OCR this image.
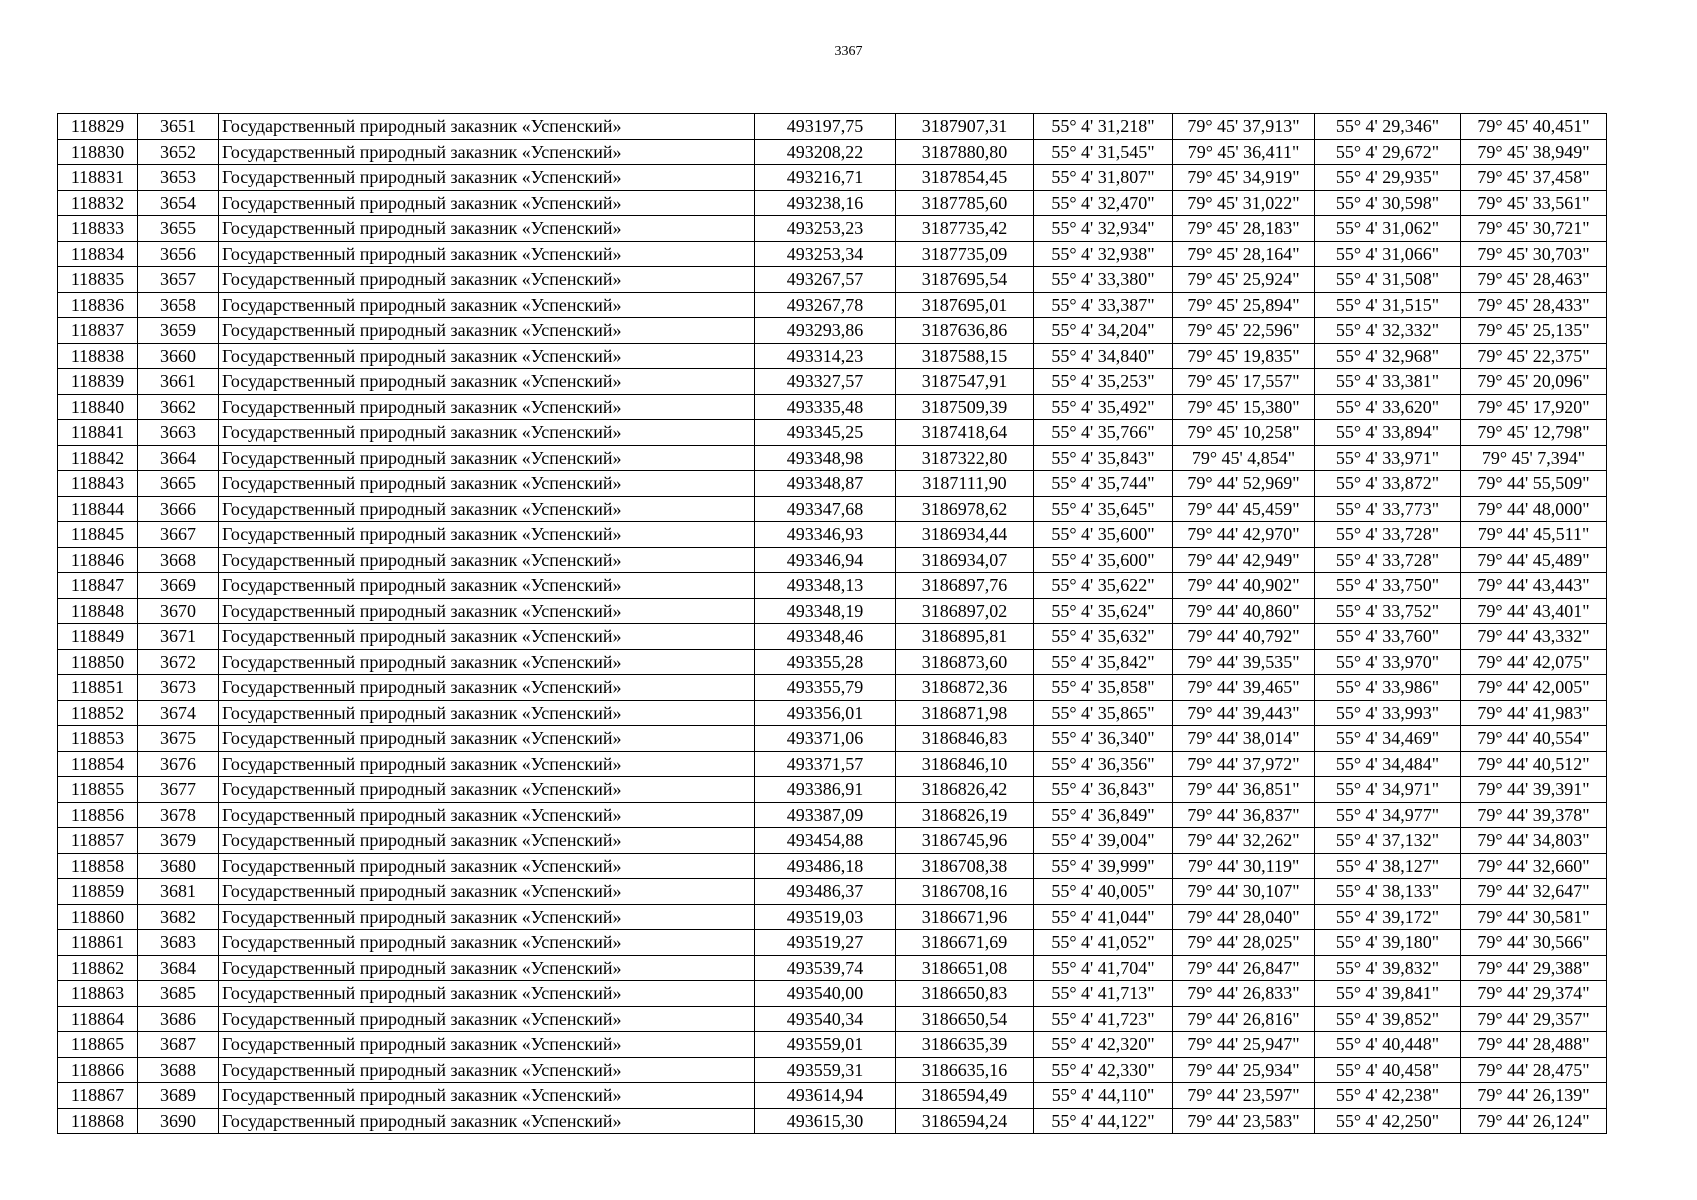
3367
118829	3651	Государственный природный заказник «Успенский»	493197,75	3187907,31	55° 4' 31,218"	79° 45' 37,913"	55° 4' 29,346"	79° 45' 40,451"
118830	3652	Государственный природный заказник «Успенский»	493208,22	3187880,80	55° 4' 31,545"	79° 45' 36,411"	55° 4' 29,672"	79° 45' 38,949"
118831	3653	Государственный природный заказник «Успенский»	493216,71	3187854,45	55° 4' 31,807"	79° 45' 34,919"	55° 4' 29,935"	79° 45' 37,458"
118832	3654	Государственный природный заказник «Успенский»	493238,16	3187785,60	55° 4' 32,470"	79° 45' 31,022"	55° 4' 30,598"	79° 45' 33,561"
118833	3655	Государственный природный заказник «Успенский»	493253,23	3187735,42	55° 4' 32,934"	79° 45' 28,183"	55° 4' 31,062"	79° 45' 30,721"
118834	3656	Государственный природный заказник «Успенский»	493253,34	3187735,09	55° 4' 32,938"	79° 45' 28,164"	55° 4' 31,066"	79° 45' 30,703"
118835	3657	Государственный природный заказник «Успенский»	493267,57	3187695,54	55° 4' 33,380"	79° 45' 25,924"	55° 4' 31,508"	79° 45' 28,463"
118836	3658	Государственный природный заказник «Успенский»	493267,78	3187695,01	55° 4' 33,387"	79° 45' 25,894"	55° 4' 31,515"	79° 45' 28,433"
118837	3659	Государственный природный заказник «Успенский»	493293,86	3187636,86	55° 4' 34,204"	79° 45' 22,596"	55° 4' 32,332"	79° 45' 25,135"
118838	3660	Государственный природный заказник «Успенский»	493314,23	3187588,15	55° 4' 34,840"	79° 45' 19,835"	55° 4' 32,968"	79° 45' 22,375"
118839	3661	Государственный природный заказник «Успенский»	493327,57	3187547,91	55° 4' 35,253"	79° 45' 17,557"	55° 4' 33,381"	79° 45' 20,096"
118840	3662	Государственный природный заказник «Успенский»	493335,48	3187509,39	55° 4' 35,492"	79° 45' 15,380"	55° 4' 33,620"	79° 45' 17,920"
118841	3663	Государственный природный заказник «Успенский»	493345,25	3187418,64	55° 4' 35,766"	79° 45' 10,258"	55° 4' 33,894"	79° 45' 12,798"
118842	3664	Государственный природный заказник «Успенский»	493348,98	3187322,80	55° 4' 35,843"	79° 45' 4,854"	55° 4' 33,971"	79° 45' 7,394"
118843	3665	Государственный природный заказник «Успенский»	493348,87	3187111,90	55° 4' 35,744"	79° 44' 52,969"	55° 4' 33,872"	79° 44' 55,509"
118844	3666	Государственный природный заказник «Успенский»	493347,68	3186978,62	55° 4' 35,645"	79° 44' 45,459"	55° 4' 33,773"	79° 44' 48,000"
118845	3667	Государственный природный заказник «Успенский»	493346,93	3186934,44	55° 4' 35,600"	79° 44' 42,970"	55° 4' 33,728"	79° 44' 45,511"
118846	3668	Государственный природный заказник «Успенский»	493346,94	3186934,07	55° 4' 35,600"	79° 44' 42,949"	55° 4' 33,728"	79° 44' 45,489"
118847	3669	Государственный природный заказник «Успенский»	493348,13	3186897,76	55° 4' 35,622"	79° 44' 40,902"	55° 4' 33,750"	79° 44' 43,443"
118848	3670	Государственный природный заказник «Успенский»	493348,19	3186897,02	55° 4' 35,624"	79° 44' 40,860"	55° 4' 33,752"	79° 44' 43,401"
118849	3671	Государственный природный заказник «Успенский»	493348,46	3186895,81	55° 4' 35,632"	79° 44' 40,792"	55° 4' 33,760"	79° 44' 43,332"
118850	3672	Государственный природный заказник «Успенский»	493355,28	3186873,60	55° 4' 35,842"	79° 44' 39,535"	55° 4' 33,970"	79° 44' 42,075"
118851	3673	Государственный природный заказник «Успенский»	493355,79	3186872,36	55° 4' 35,858"	79° 44' 39,465"	55° 4' 33,986"	79° 44' 42,005"
118852	3674	Государственный природный заказник «Успенский»	493356,01	3186871,98	55° 4' 35,865"	79° 44' 39,443"	55° 4' 33,993"	79° 44' 41,983"
118853	3675	Государственный природный заказник «Успенский»	493371,06	3186846,83	55° 4' 36,340"	79° 44' 38,014"	55° 4' 34,469"	79° 44' 40,554"
118854	3676	Государственный природный заказник «Успенский»	493371,57	3186846,10	55° 4' 36,356"	79° 44' 37,972"	55° 4' 34,484"	79° 44' 40,512"
118855	3677	Государственный природный заказник «Успенский»	493386,91	3186826,42	55° 4' 36,843"	79° 44' 36,851"	55° 4' 34,971"	79° 44' 39,391"
118856	3678	Государственный природный заказник «Успенский»	493387,09	3186826,19	55° 4' 36,849"	79° 44' 36,837"	55° 4' 34,977"	79° 44' 39,378"
118857	3679	Государственный природный заказник «Успенский»	493454,88	3186745,96	55° 4' 39,004"	79° 44' 32,262"	55° 4' 37,132"	79° 44' 34,803"
118858	3680	Государственный природный заказник «Успенский»	493486,18	3186708,38	55° 4' 39,999"	79° 44' 30,119"	55° 4' 38,127"	79° 44' 32,660"
118859	3681	Государственный природный заказник «Успенский»	493486,37	3186708,16	55° 4' 40,005"	79° 44' 30,107"	55° 4' 38,133"	79° 44' 32,647"
118860	3682	Государственный природный заказник «Успенский»	493519,03	3186671,96	55° 4' 41,044"	79° 44' 28,040"	55° 4' 39,172"	79° 44' 30,581"
118861	3683	Государственный природный заказник «Успенский»	493519,27	3186671,69	55° 4' 41,052"	79° 44' 28,025"	55° 4' 39,180"	79° 44' 30,566"
118862	3684	Государственный природный заказник «Успенский»	493539,74	3186651,08	55° 4' 41,704"	79° 44' 26,847"	55° 4' 39,832"	79° 44' 29,388"
118863	3685	Государственный природный заказник «Успенский»	493540,00	3186650,83	55° 4' 41,713"	79° 44' 26,833"	55° 4' 39,841"	79° 44' 29,374"
118864	3686	Государственный природный заказник «Успенский»	493540,34	3186650,54	55° 4' 41,723"	79° 44' 26,816"	55° 4' 39,852"	79° 44' 29,357"
118865	3687	Государственный природный заказник «Успенский»	493559,01	3186635,39	55° 4' 42,320"	79° 44' 25,947"	55° 4' 40,448"	79° 44' 28,488"
118866	3688	Государственный природный заказник «Успенский»	493559,31	3186635,16	55° 4' 42,330"	79° 44' 25,934"	55° 4' 40,458"	79° 44' 28,475"
118867	3689	Государственный природный заказник «Успенский»	493614,94	3186594,49	55° 4' 44,110"	79° 44' 23,597"	55° 4' 42,238"	79° 44' 26,139"
118868	3690	Государственный природный заказник «Успенский»	493615,30	3186594,24	55° 4' 44,122"	79° 44' 23,583"	55° 4' 42,250"	79° 44' 26,124"
